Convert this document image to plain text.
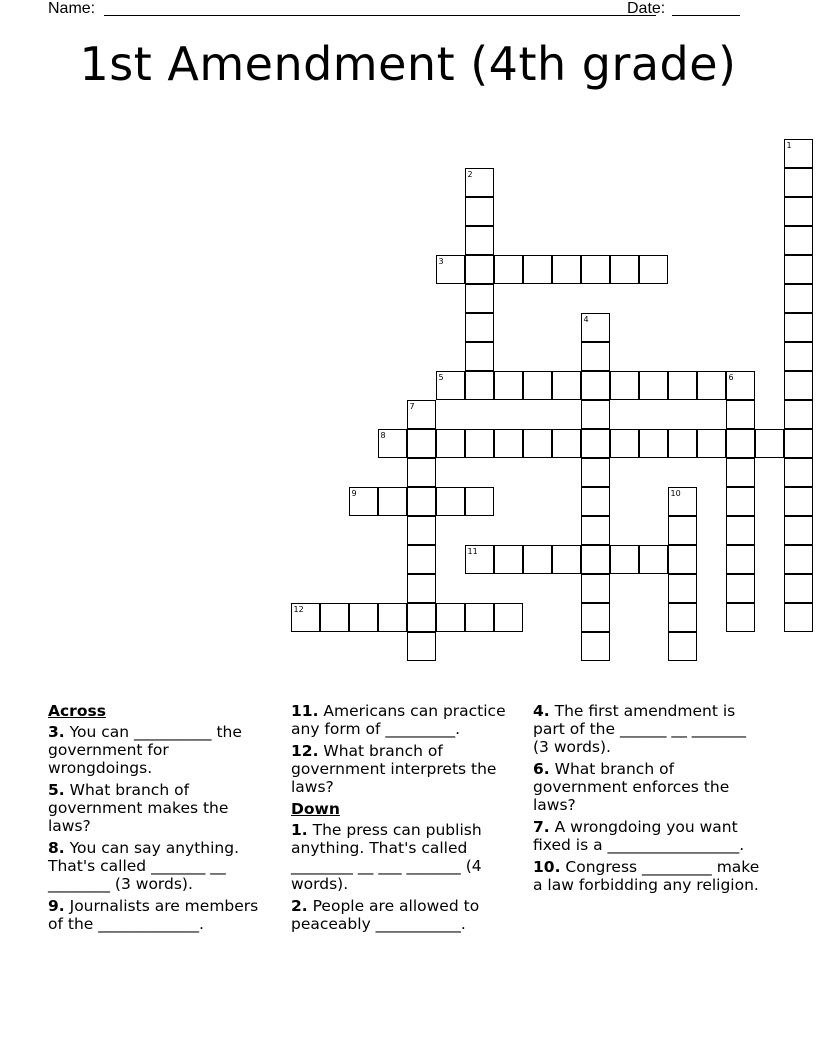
Name:	Date:
1st Amendment (4th grade)
1
2
3
4
5	6
7
8
9	10
11
12
Across
3. You can __________ the government for wrongdoings.
5. What branch of government makes the laws?
8. You can say anything. That's called _______ __ ________ (3 words).
9. Journalists are members of the _____________.
11. Americans can practice any form of _________.
12. What branch of government interprets the laws?
Down
1. The press can publish anything. That's called ________ __ ___ _______ (4 words).
2. People are allowed to peaceably ___________.
4. The first amendment is part of the ______ __ _______ (3 words).
6. What branch of government enforces the laws?
7. A wrongdoing you want fixed is a _________________.
10. Congress _________ make a law forbidding any religion.
